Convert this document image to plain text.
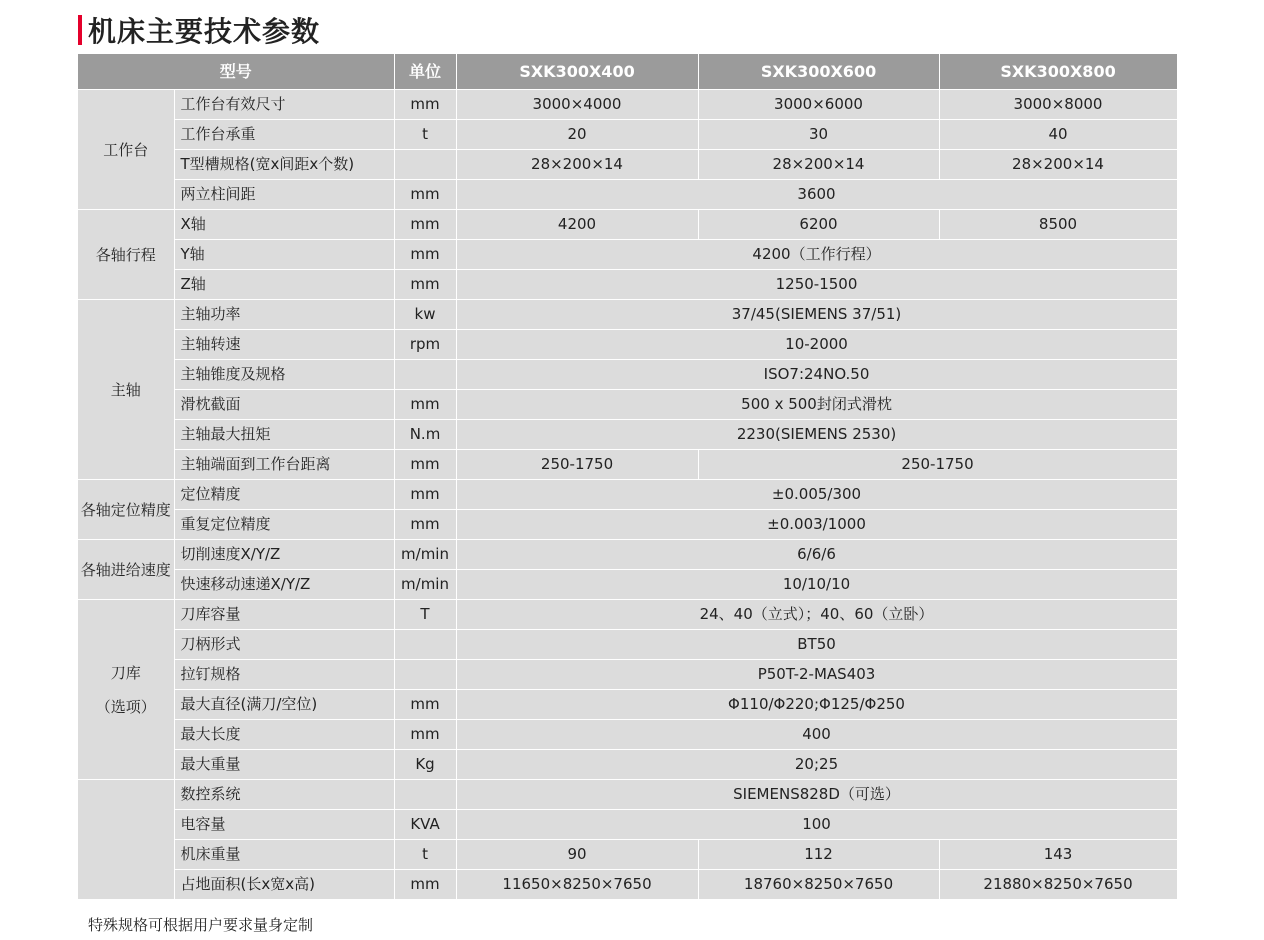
机床主要技术参数
型号		单位	SXK300X400	SXK300X600	SXK300X800
工作台	工作台有效尺寸	mm	3000×4000	3000×6000	3000×8000
	工作台承重	t	20	30	40
	T型槽规格(宽x间距x个数)		28×200×14	28×200×14	28×200×14
	两立柱间距	mm	3600		
各轴行程	X轴	mm	4200	6200	8500
	Y轴	mm	4200（工作行程）		
	Z轴	mm	1250-1500		
主轴	主轴功率	kw	37/45(SIEMENS 37/51)		
	主轴转速	rpm	10-2000		
	主轴锥度及规格		ISO7:24NO.50		
	滑枕截面	mm	500 x 500封闭式滑枕		
	主轴最大扭矩	N.m	2230(SIEMENS 2530)		
	主轴端面到工作台距离	mm	250-1750	250-1750	
各轴定位精度	定位精度	mm	±0.005/300		
	重复定位精度	mm	±0.003/1000		
各轴进给速度	切削速度X/Y/Z	m/min	6/6/6		
	快速移动速递X/Y/Z	m/min	10/10/10		

刀库
（选项）	刀库容量	T	24、40（立式）；40、60（立卧）		
	刀柄形式		BT50		
	拉钉规格		P50T-2-MAS403		
	最大直径(满刀/空位)	mm	Φ110/Φ220;Φ125/Φ250		
	最大长度	mm	400		
	最大重量	Kg	20;25		
	数控系统		SIEMENS828D（可选）		
	电容量	KVA	100		
	机床重量	t	90	112	143
	占地面积(长x宽x高)	mm	11650×8250×7650	18760×8250×7650	21880×8250×7650
特殊规格可根据用户要求量身定制
